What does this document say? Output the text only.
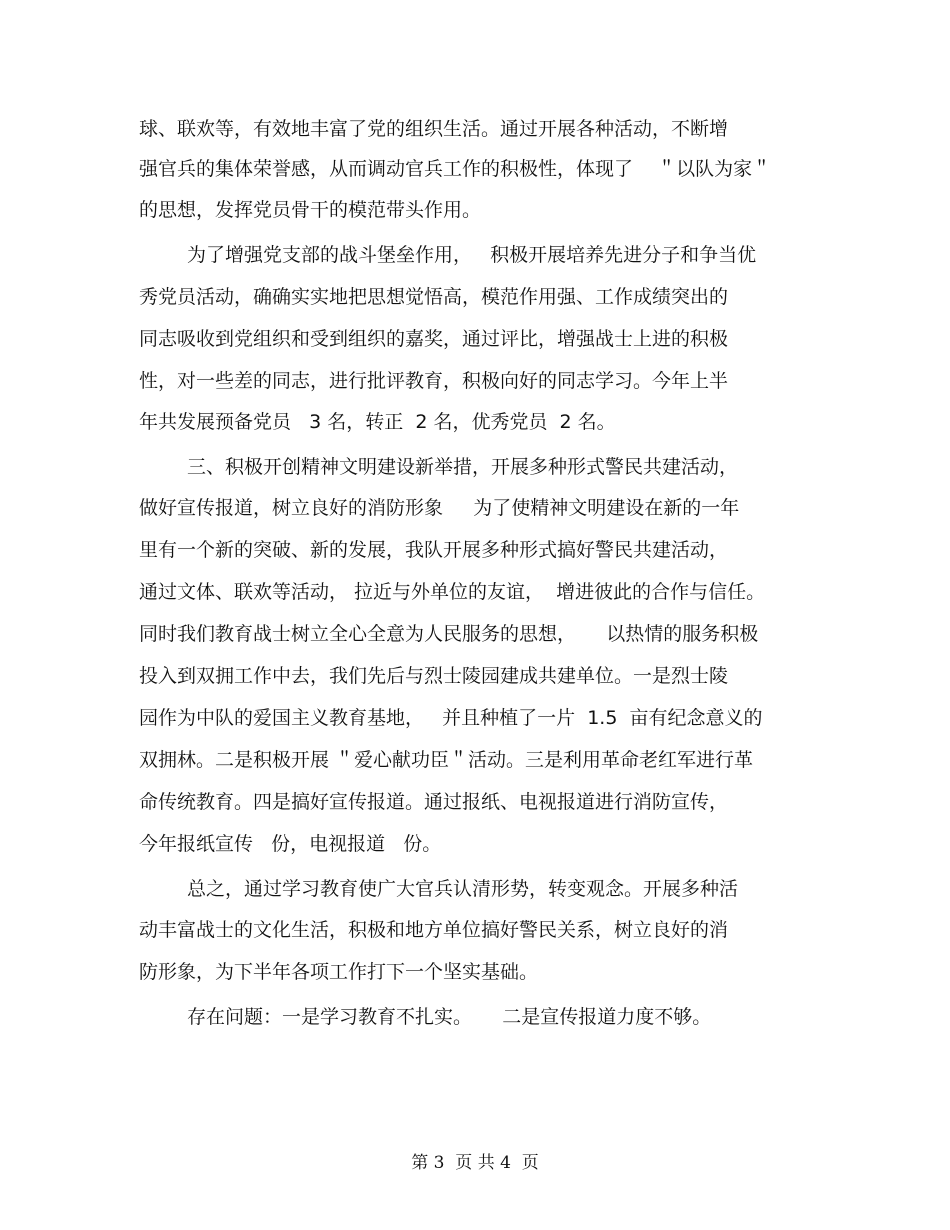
球、联欢等，有效地丰富了党的组织生活。通过开展各种活动，不断增
强官兵的集体荣誉感，从而调动官兵工作的积极性，体现了    ＂以队为家＂
的思想，发挥党员骨干的模范带头作用。
为了增强党支部的战斗堡垒作用，   积极开展培养先进分子和争当优
秀党员活动，确确实实地把思想觉悟高，模范作用强、工作成绩突出的
同志吸收到党组织和受到组织的嘉奖，通过评比，增强战士上进的积极
性，对一些差的同志，进行批评教育，积极向好的同志学习。今年上半
年共发展预备党员   3 名，转正  2 名，优秀党员  2 名。
三、积极开创精神文明建设新举措，开展多种形式警民共建活动，
做好宣传报道，树立良好的消防形象     为了使精神文明建设在新的一年
里有一个新的突破、新的发展，我队开展多种形式搞好警民共建活动，
通过文体、联欢等活动， 拉近与外单位的友谊，  增进彼此的合作与信任。
同时我们教育战士树立全心全意为人民服务的思想，     以热情的服务积极
投入到双拥工作中去，我们先后与烈士陵园建成共建单位。一是烈士陵
园作为中队的爱国主义教育基地，   并且种植了一片  1.5  亩有纪念意义的
双拥林。二是积极开展 ＂爱心献功臣＂活动。三是利用革命老红军进行革
命传统教育。四是搞好宣传报道。通过报纸、电视报道进行消防宣传，
今年报纸宣传   份，电视报道   份。
总之，通过学习教育使广大官兵认清形势，转变观念。开展多种活
动丰富战士的文化生活，积极和地方单位搞好警民关系，树立良好的消
防形象，为下半年各项工作打下一个坚实基础。
存在问题：一是学习教育不扎实。     二是宣传报道力度不够。
第 3  页 共 4  页
